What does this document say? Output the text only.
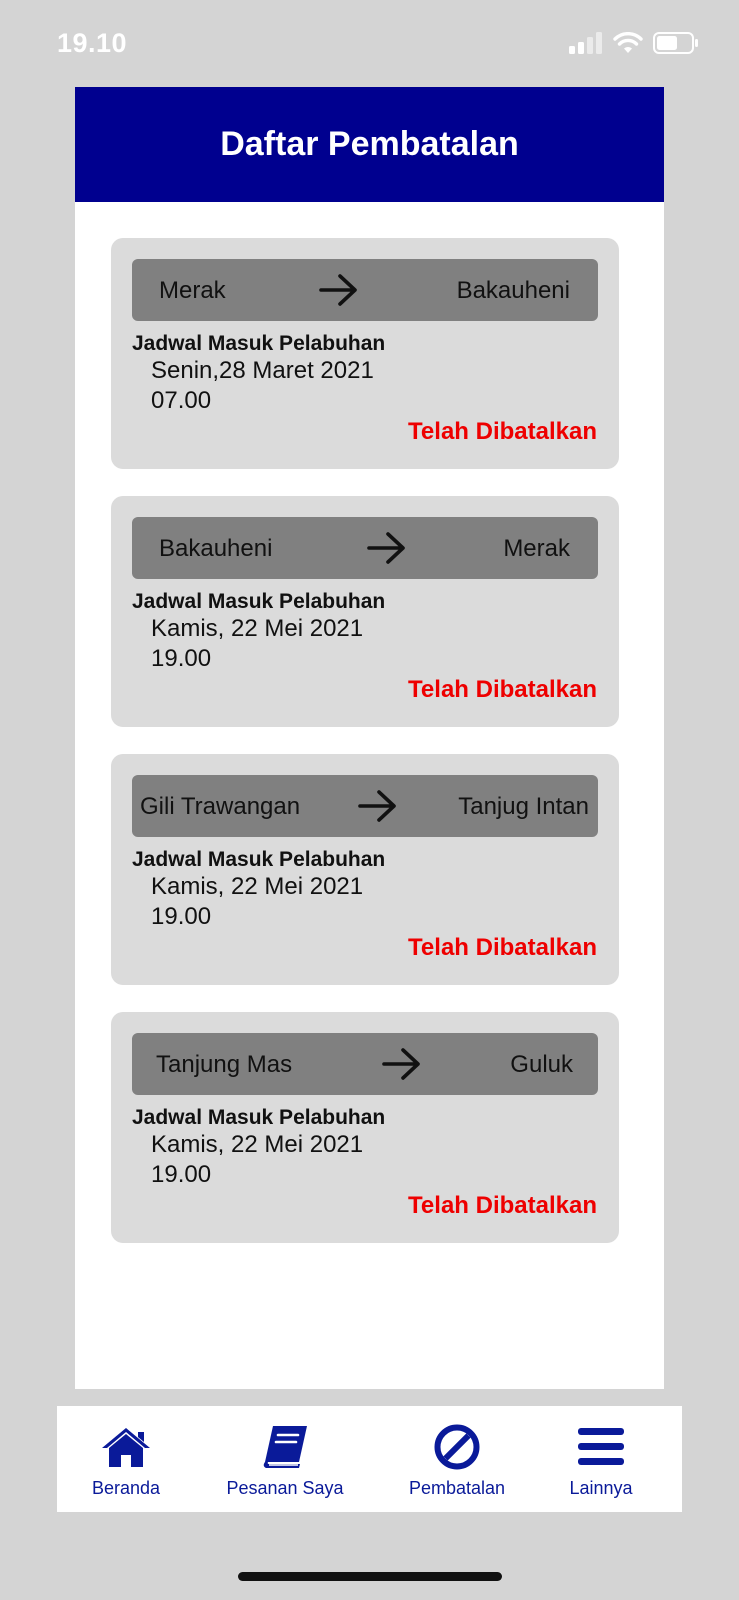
19.10
Daftar Pembatalan
Merak	Bakauheni
Jadwal Masuk Pelabuhan
Senin,28 Maret 2021
07.00
Telah Dibatalkan
Bakauheni	Merak
Jadwal Masuk Pelabuhan
Kamis, 22 Mei 2021
19.00
Telah Dibatalkan
Gili Trawangan	Tanjug Intan
Jadwal Masuk Pelabuhan
Kamis, 22 Mei 2021
19.00
Telah Dibatalkan
Tanjung Mas	Guluk
Jadwal Masuk Pelabuhan
Kamis, 22 Mei 2021
19.00
Telah Dibatalkan
Beranda	Pesanan Saya	Pembatalan	Lainnya
